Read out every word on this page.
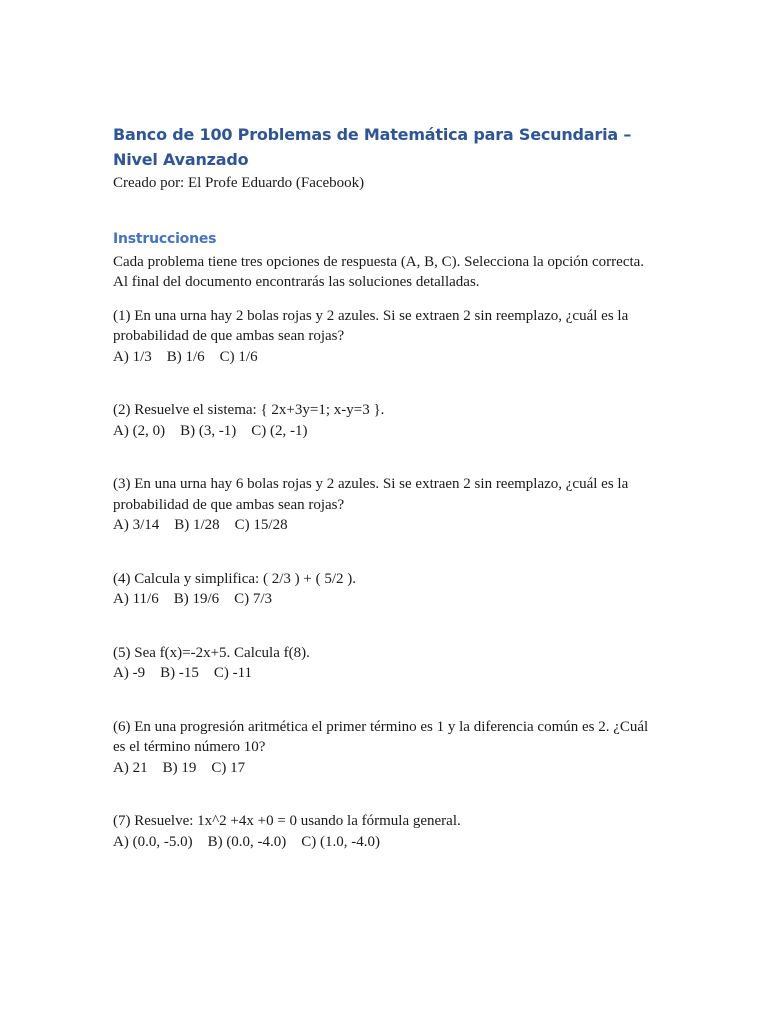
Banco de 100 Problemas de Matemática para Secundaria – Nivel Avanzado

Creado por: El Profe Eduardo (Facebook)

Instrucciones

Cada problema tiene tres opciones de respuesta (A, B, C). Selecciona la opción correcta.

Al final del documento encontrarás las soluciones detalladas.

(1) En una urna hay 2 bolas rojas y 2 azules. Si se extraen 2 sin reemplazo, ¿cuál es la probabilidad de que ambas sean rojas?

A) 1/3    B) 1/6    C) 1/6

(2) Resuelve el sistema: { 2x+3y=1; x-y=3 }.

A) (2, 0)    B) (3, -1)    C) (2, -1)

(3) En una urna hay 6 bolas rojas y 2 azules. Si se extraen 2 sin reemplazo, ¿cuál es la probabilidad de que ambas sean rojas?

A) 3/14    B) 1/28    C) 15/28

(4) Calcula y simplifica: ( 2/3 ) + ( 5/2 ).

A) 11/6    B) 19/6    C) 7/3

(5) Sea f(x)=-2x+5. Calcula f(8).

A) -9    B) -15    C) -11

(6) En una progresión aritmética el primer término es 1 y la diferencia común es 2. ¿Cuál es el término número 10?

A) 21    B) 19    C) 17

(7) Resuelve: 1x^2 +4x +0 = 0 usando la fórmula general.

A) (0.0, -5.0)    B) (0.0, -4.0)    C) (1.0, -4.0)
